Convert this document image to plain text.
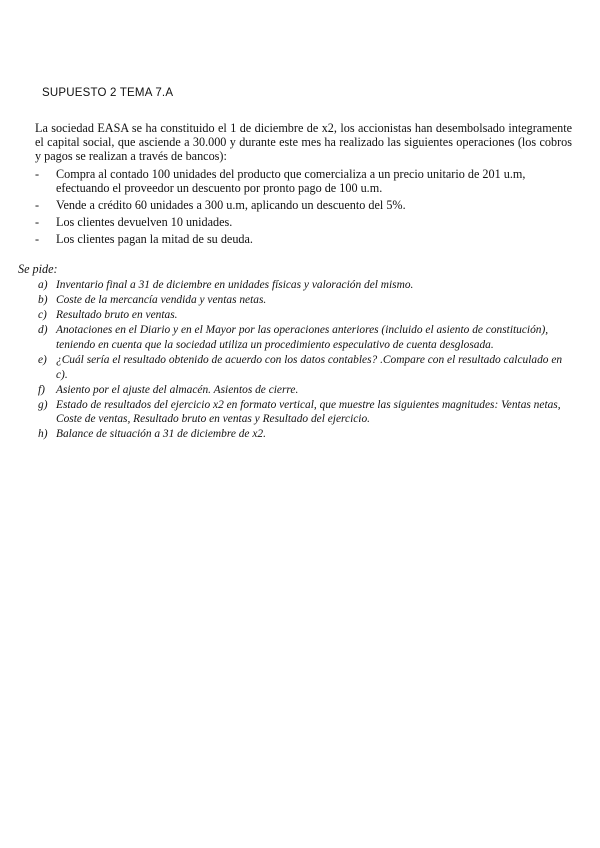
SUPUESTO 2 TEMA 7.A
La sociedad EASA se ha constituido el 1 de diciembre de x2, los accionistas han desembolsado integramente el capital social, que asciende a 30.000 y durante este mes ha realizado las siguientes operaciones (los cobros y pagos se realizan a través de bancos):
- Compra al contado 100 unidades del producto que comercializa a un precio unitario de 201 u.m, efectuando el proveedor un descuento por pronto pago de 100 u.m.
- Vende a crédito 60 unidades a 300 u.m, aplicando un descuento del 5%.
- Los clientes devuelven 10 unidades.
- Los clientes pagan la mitad de su deuda.
Se pide:
a) Inventario final a 31 de diciembre en unidades físicas y valoración del mismo.
b) Coste de la mercancía vendida y ventas netas.
c) Resultado bruto en ventas.
d) Anotaciones en el Diario y en el Mayor por las operaciones anteriores (incluido el asiento de constitución), teniendo en cuenta que la sociedad utiliza un procedimiento especulativo de cuenta desglosada.
e) ¿Cuál sería el resultado obtenido de acuerdo con los datos contables? .Compare con el resultado calculado en c).
f) Asiento por el ajuste del almacén. Asientos de cierre.
g) Estado de resultados del ejercicio x2 en formato vertical, que muestre las siguientes magnitudes: Ventas netas, Coste de ventas, Resultado bruto en ventas y Resultado del ejercicio.
h) Balance de situación a 31 de diciembre de x2.
